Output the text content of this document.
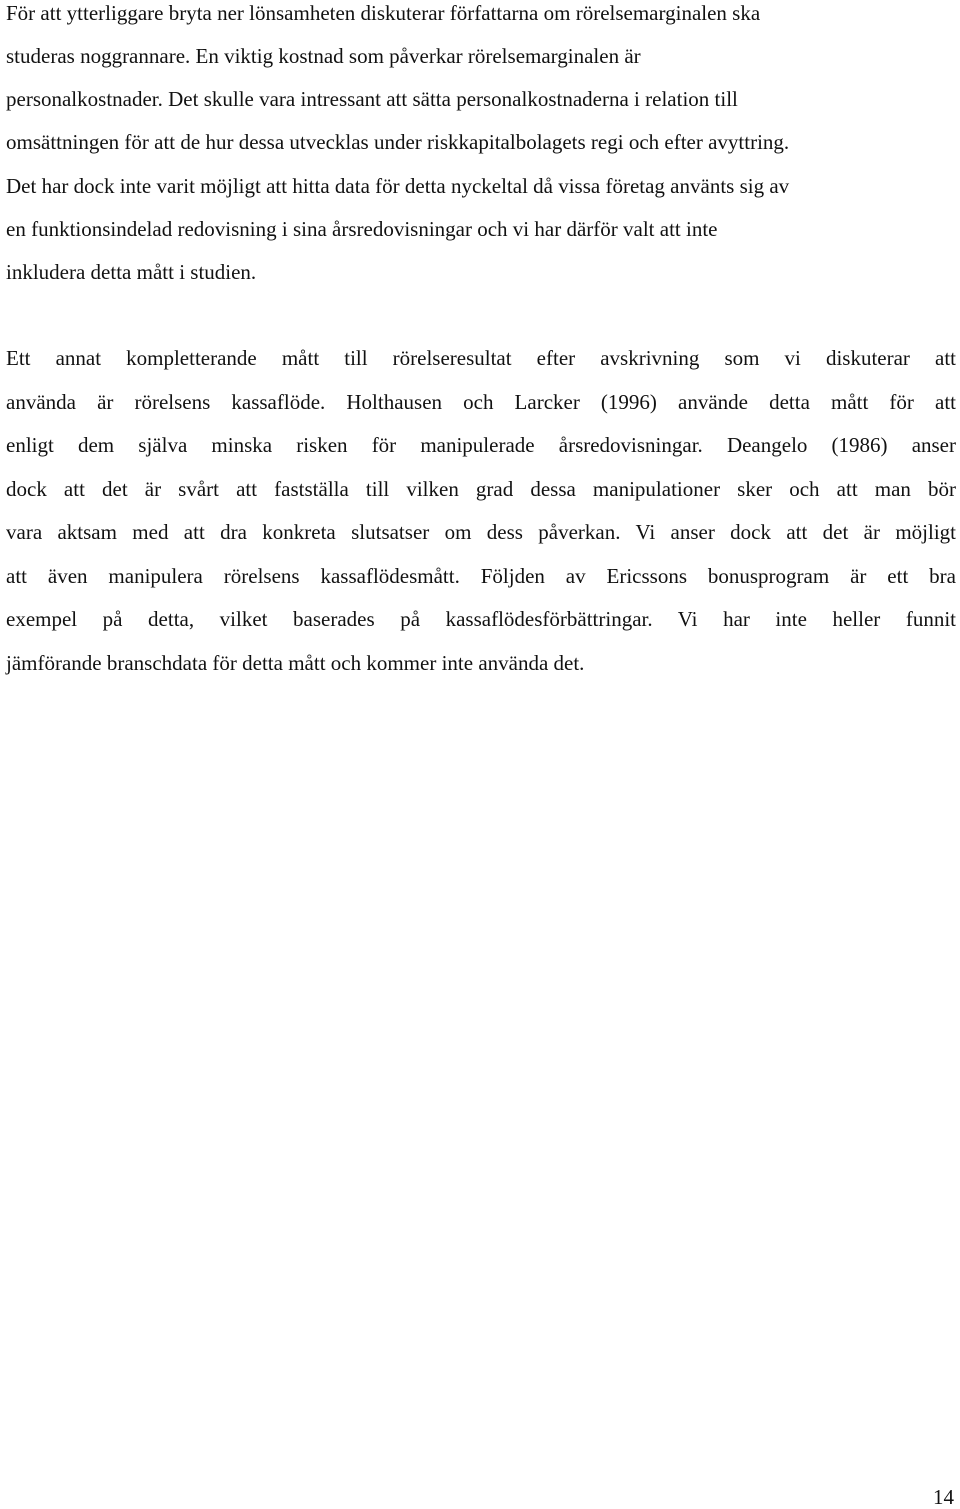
För att ytterliggare bryta ner lönsamheten diskuterar författarna om rörelsemarginalen ska
studeras noggrannare. En viktig kostnad som påverkar rörelsemarginalen är
personalkostnader. Det skulle vara intressant att sätta personalkostnaderna i relation till
omsättningen för att de hur dessa utvecklas under riskkapitalbolagets regi och efter avyttring.
Det har dock inte varit möjligt att hitta data för detta nyckeltal då vissa företag använts sig av
en funktionsindelad redovisning i sina årsredovisningar och vi har därför valt att inte
inkludera detta mått i studien.
Ett annat kompletterande mått till rörelseresultat efter avskrivning som vi diskuterar att
använda är rörelsens kassaflöde. Holthausen och Larcker (1996) använde detta mått för att
enligt dem själva minska risken för manipulerade årsredovisningar. Deangelo (1986) anser
dock att det är svårt att fastställa till vilken grad dessa manipulationer sker och att man bör
vara aktsam med att dra konkreta slutsatser om dess påverkan. Vi anser dock att det är möjligt
att även manipulera rörelsens kassaflödesmått. Följden av Ericssons bonusprogram är ett bra
exempel på detta, vilket baserades på kassaflödesförbättringar. Vi har inte heller funnit
jämförande branschdata för detta mått och kommer inte använda det.
14
